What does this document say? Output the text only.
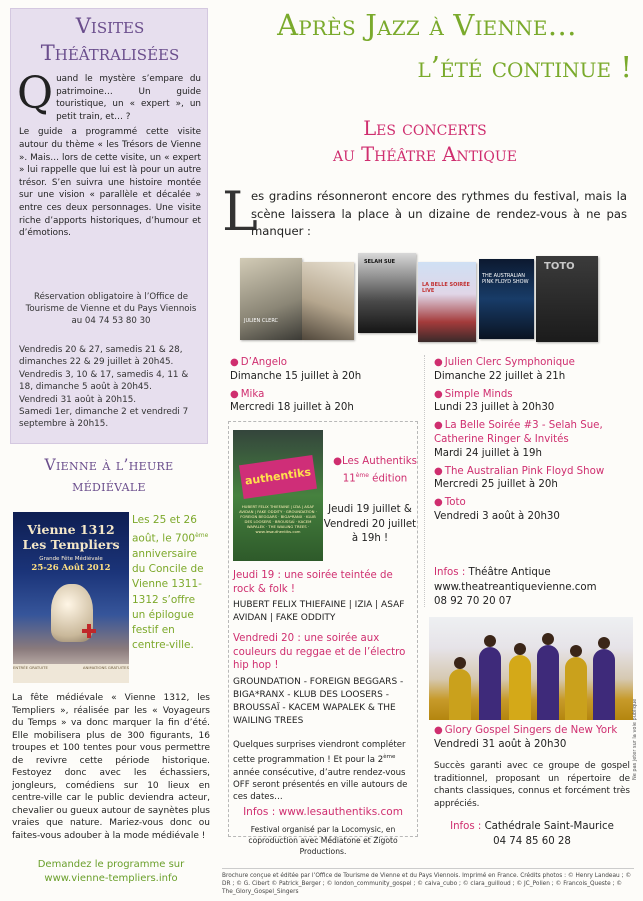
Visites
Théâtralisées
Q uand le mystère s’empare du patrimoine… Un guide touristique, un « expert », un petit train, et… ?

Le guide a programmé cette visite autour du thème « les Trésors de Vienne ». Mais… lors de cette visite, un « expert » lui rappelle que lui est là pour un autre trésor. S’en suivra une histoire montée sur une vision « parallèle et décalée » entre ces deux personnages. Une visite riche d’apports historiques, d’humour et d’émotions.

Réservation obligatoire à l’Office de Tourisme de Vienne et du Pays Viennois au 04 74 53 80 30

Vendredis 20 & 27, samedis 21 & 28, dimanches 22 & 29 juillet à 20h45.

Vendredis 3, 10 & 17, samedis 4, 11 & 18, dimanche 5 août à 20h45.

Vendredi 31 août à 20h15.

Samedi 1er, dimanche 2 et vendredi 7 septembre à 20h15.

Vienne à l’heure
médiévale
Vienne 1312
Les Templiers
Grande Fête Médiévale
25-26 Août 2012
ENTRÉE GRATUITE	ANIMATIONS GRATUITES
Les 25 et 26 août, le 700ème anniversaire du Concile de Vienne 1311-1312 s’offre un épilogue festif en centre-ville.
La fête médiévale « Vienne 1312, les Templiers », réalisée par les « Voyageurs du Temps » va donc marquer la fin d’été. Elle mobilisera plus de 300 figurants, 16 troupes et 100 tentes pour vous permettre de revivre cette période historique. Festoyez donc avec les échassiers, jongleurs, comédiens sur 10 lieux en centre-ville car le public deviendra acteur, chevalier ou gueux autour de saynètes plus vraies que nature. Mariez-vous donc ou faites-vous adouber à la mode médiévale !
Demandez le programme sur
www.vienne-templiers.info
Après Jazz à Vienne…
l’été continue !
Les concerts
au Théâtre Antique
L
es gradins résonneront encore des rythmes du festival, mais la scène laissera la place à un dizaine de rendez-vous à ne pas manquer :
JULIEN CLERC
SELAH SUE
LA BELLE SOIRÉE LIVE
THE AUSTRALIAN PINK FLOYD SHOW
TOTO
● D’Angelo
Dimanche 15 juillet à 20h
● Mika
Mercredi 18 juillet à 20h
● Julien Clerc Symphonique
Dimanche 22 juillet à 21h
● Simple Minds
Lundi 23 juillet à 20h30
● La Belle Soirée #3 - Selah Sue, Catherine Ringer & Invités
Mardi 24 juillet à 19h
● The Australian Pink Floyd Show
Mercredi 25 juillet à 20h
● Toto
Vendredi 3 août à 20h30
authentiks
HUBERT FELIX THIEFAINE | IZIA | ASAF AVIDAN | FAKE ODDITY · GROUNDATION · FOREIGN BEGGARS · BIGA*RANX · KLUB DES LOOSERS · BROUSSAÏ · KACEM WAPALEK · THE WAILING TREES · www.lesauthentiks.com
●Les Authentiks
11ème édition
Jeudi 19 juillet & Vendredi 20 juillet à 19h !
Jeudi 19 : une soirée teintée de rock & folk !
HUBERT FELIX THIEFAINE | IZIA | ASAF AVIDAN | FAKE ODDITY
Vendredi 20 : une soirée aux couleurs du reggae et de l’électro hip hop !
GROUNDATION - FOREIGN BEGGARS - BIGA*RANX - KLUB DES LOOSERS - BROUSSAÏ - KACEM WAPALEK & THE WAILING TREES
Quelques surprises viendront compléter cette programmation ! Et pour la 2ème année consécutive, d’autre rendez-vous OFF seront présentés en ville autours de ces dates…
Infos : www.lesauthentiks.com
Festival organisé par la Locomysic, en coproduction avec Médiatone et Zigoto Productions.
Infos : Théâtre Antique
www.theatreantiquevienne.com
08 92 70 20 07
● Glory Gospel Singers de New York
Vendredi 31 août à 20h30
Succès garanti avec ce groupe de gospel traditionnel, proposant un répertoire de chants classiques, connus et forcément très appréciés.
Infos : Cathédrale Saint-Maurice
04 74 85 60 28
Brochure conçue et éditée par l’Office de Tourisme de Vienne et du Pays Viennois. Imprimé en France. Crédits photos : © Henry Landeau ; © DR ; © G. Cibert © Patrick_Berger ; © london_community_gospel ; © caiva_cubo ; © clara_guilloud ; © JC_Polien ; © Francois_Queste ; © The_Glory_Gospel_Singers
Ne pas jeter sur la voie publique
